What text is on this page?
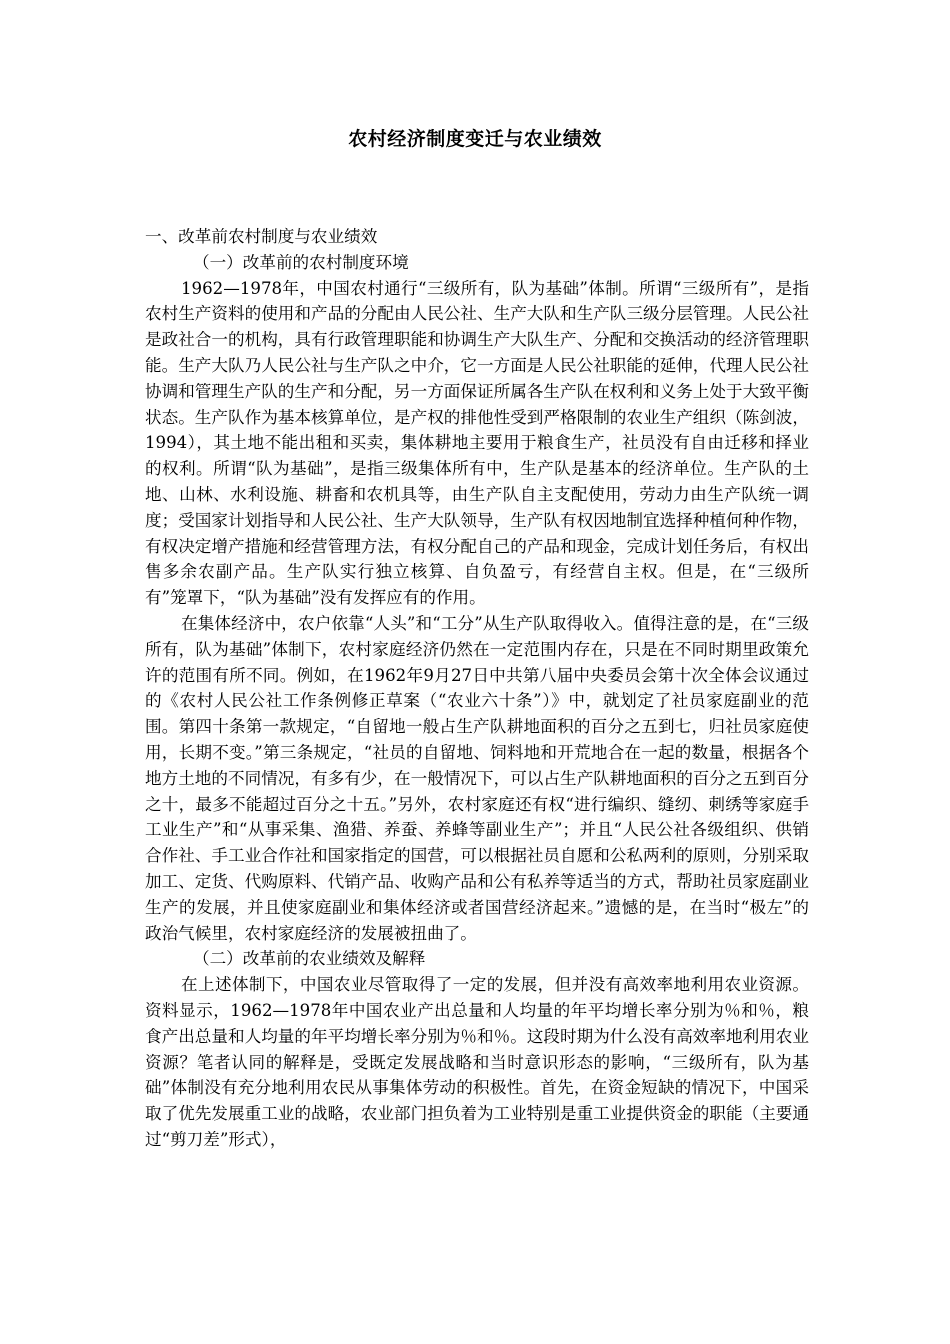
农村经济制度变迁与农业绩效

一、改革前农村制度与农业绩效

（一）改革前的农村制度环境

1962—1978年，中国农村通行“三级所有，队为基础”体制。所谓“三级所有”，是指农村生产资料的使用和产品的分配由人民公社、生产大队和生产队三级分层管理。人民公社是政社合一的机构，具有行政管理职能和协调生产大队生产、分配和交换活动的经济管理职能。生产大队乃人民公社与生产队之中介，它一方面是人民公社职能的延伸，代理人民公社协调和管理生产队的生产和分配，另一方面保证所属各生产队在权利和义务上处于大致平衡状态。生产队作为基本核算单位，是产权的排他性受到严格限制的农业生产组织（陈剑波，1994），其土地不能出租和买卖，集体耕地主要用于粮食生产，社员没有自由迁移和择业的权利。所谓“队为基础”，是指三级集体所有中，生产队是基本的经济单位。生产队的土地、山林、水利设施、耕畜和农机具等，由生产队自主支配使用，劳动力由生产队统一调度；受国家计划指导和人民公社、生产大队领导，生产队有权因地制宜选择种植何种作物，有权决定增产措施和经营管理方法，有权分配自己的产品和现金，完成计划任务后，有权出售多余农副产品。生产队实行独立核算、自负盈亏，有经营自主权。但是，在“三级所有”笼罩下，“队为基础”没有发挥应有的作用。

在集体经济中，农户依靠“人头”和“工分”从生产队取得收入。值得注意的是，在“三级所有，队为基础”体制下，农村家庭经济仍然在一定范围内存在，只是在不同时期里政策允许的范围有所不同。例如，在1962年9月27日中共第八届中央委员会第十次全体会议通过的《农村人民公社工作条例修正草案（“农业六十条”）》中，就划定了社员家庭副业的范围。第四十条第一款规定，“自留地一般占生产队耕地面积的百分之五到七，归社员家庭使用，长期不变。”第三条规定，“社员的自留地、饲料地和开荒地合在一起的数量，根据各个地方土地的不同情况，有多有少，在一般情况下，可以占生产队耕地面积的百分之五到百分之十，最多不能超过百分之十五。”另外，农村家庭还有权“进行编织、缝纫、刺绣等家庭手工业生产”和“从事采集、渔猎、养蚕、养蜂等副业生产”；并且“人民公社各级组织、供销合作社、手工业合作社和国家指定的国营，可以根据社员自愿和公私两利的原则，分别采取加工、定货、代购原料、代销产品、收购产品和公有私养等适当的方式，帮助社员家庭副业生产的发展，并且使家庭副业和集体经济或者国营经济起来。”遗憾的是，在当时“极左”的政治气候里，农村家庭经济的发展被扭曲了。

（二）改革前的农业绩效及解释

在上述体制下，中国农业尽管取得了一定的发展，但并没有高效率地利用农业资源。资料显示，1962—1978年中国农业产出总量和人均量的年平均增长率分别为％和％，粮食产出总量和人均量的年平均增长率分别为％和％。这段时期为什么没有高效率地利用农业资源？笔者认同的解释是，受既定发展战略和当时意识形态的影响，“三级所有，队为基础”体制没有充分地利用农民从事集体劳动的积极性。首先，在资金短缺的情况下，中国采取了优先发展重工业的战略，农业部门担负着为工业特别是重工业提供资金的职能（主要通过“剪刀差”形式），
